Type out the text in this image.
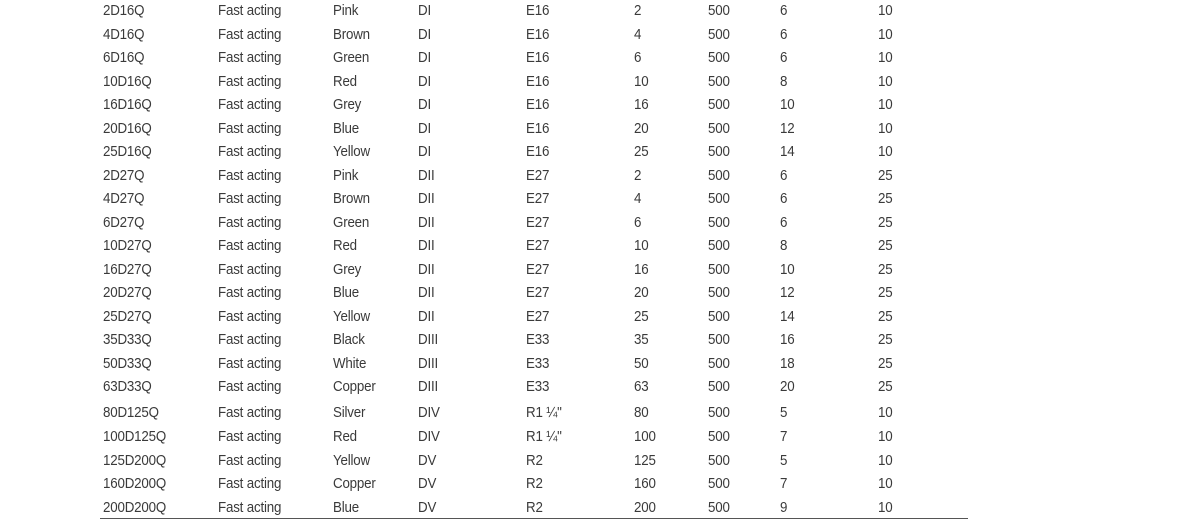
2D16Q	Fast acting	Pink	DI	E16	2	500	6	10
4D16Q	Fast acting	Brown	DI	E16	4	500	6	10
6D16Q	Fast acting	Green	DI	E16	6	500	6	10
10D16Q	Fast acting	Red	DI	E16	10	500	8	10
16D16Q	Fast acting	Grey	DI	E16	16	500	10	10
20D16Q	Fast acting	Blue	DI	E16	20	500	12	10
25D16Q	Fast acting	Yellow	DI	E16	25	500	14	10
2D27Q	Fast acting	Pink	DII	E27	2	500	6	25
4D27Q	Fast acting	Brown	DII	E27	4	500	6	25
6D27Q	Fast acting	Green	DII	E27	6	500	6	25
10D27Q	Fast acting	Red	DII	E27	10	500	8	25
16D27Q	Fast acting	Grey	DII	E27	16	500	10	25
20D27Q	Fast acting	Blue	DII	E27	20	500	12	25
25D27Q	Fast acting	Yellow	DII	E27	25	500	14	25
35D33Q	Fast acting	Black	DIII	E33	35	500	16	25
50D33Q	Fast acting	White	DIII	E33	50	500	18	25
63D33Q	Fast acting	Copper	DIII	E33	63	500	20	25
80D125Q	Fast acting	Silver	DIV	R1 ¼"	80	500	5	10
100D125Q	Fast acting	Red	DIV	R1 ¼"	100	500	7	10
125D200Q	Fast acting	Yellow	DV	R2	125	500	5	10
160D200Q	Fast acting	Copper	DV	R2	160	500	7	10
200D200Q	Fast acting	Blue	DV	R2	200	500	9	10
